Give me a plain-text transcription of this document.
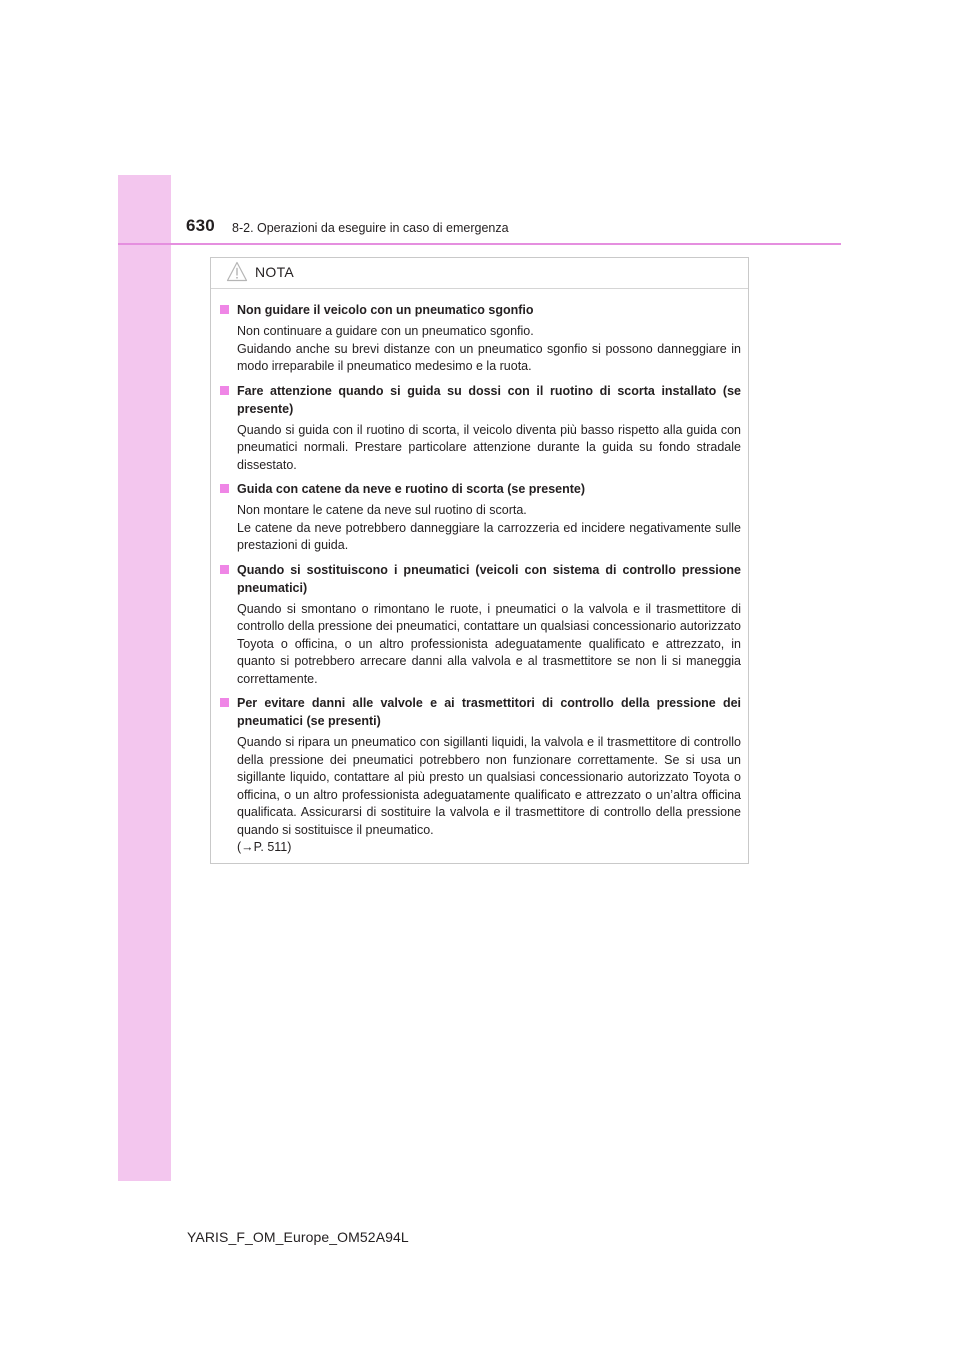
630 8-2. Operazioni da eseguire in caso di emergenza
NOTA
Non guidare il veicolo con un pneumatico sgonfio

Non continuare a guidare con un pneumatico sgonfio.

Guidando anche su brevi distanze con un pneumatico sgonfio si possono danneggiare in modo irreparabile il pneumatico medesimo e la ruota.

Fare attenzione quando si guida su dossi con il ruotino di scorta installato (se presente)

Quando si guida con il ruotino di scorta, il veicolo diventa più basso rispetto alla guida con pneumatici normali. Prestare particolare attenzione durante la guida su fondo stradale dissestato.

Guida con catene da neve e ruotino di scorta (se presente)

Non montare le catene da neve sul ruotino di scorta.

Le catene da neve potrebbero danneggiare la carrozzeria ed incidere negativamente sulle prestazioni di guida.

Quando si sostituiscono i pneumatici (veicoli con sistema di controllo pressione pneumatici)

Quando si smontano o rimontano le ruote, i pneumatici o la valvola e il trasmettitore di controllo della pressione dei pneumatici, contattare un qualsiasi concessionario autorizzato Toyota o officina, o un altro professionista adeguatamente qualificato e attrezzato, in quanto si potrebbero arrecare danni alla valvola e al trasmettitore se non li si maneggia correttamente.

Per evitare danni alle valvole e ai trasmettitori di controllo della pressione dei pneumatici (se presenti)

Quando si ripara un pneumatico con sigillanti liquidi, la valvola e il trasmettitore di controllo della pressione dei pneumatici potrebbero non funzionare correttamente. Se si usa un sigillante liquido, contattare al più presto un qualsiasi concessionario autorizzato Toyota o officina, o un altro professionista adeguatamente qualificato e attrezzato o un’altra officina qualificata. Assicurarsi di sostituire la valvola e il trasmettitore di controllo della pressione quando si sostituisce il pneumatico.

(→P. 511)

YARIS_F_OM_Europe_OM52A94L
